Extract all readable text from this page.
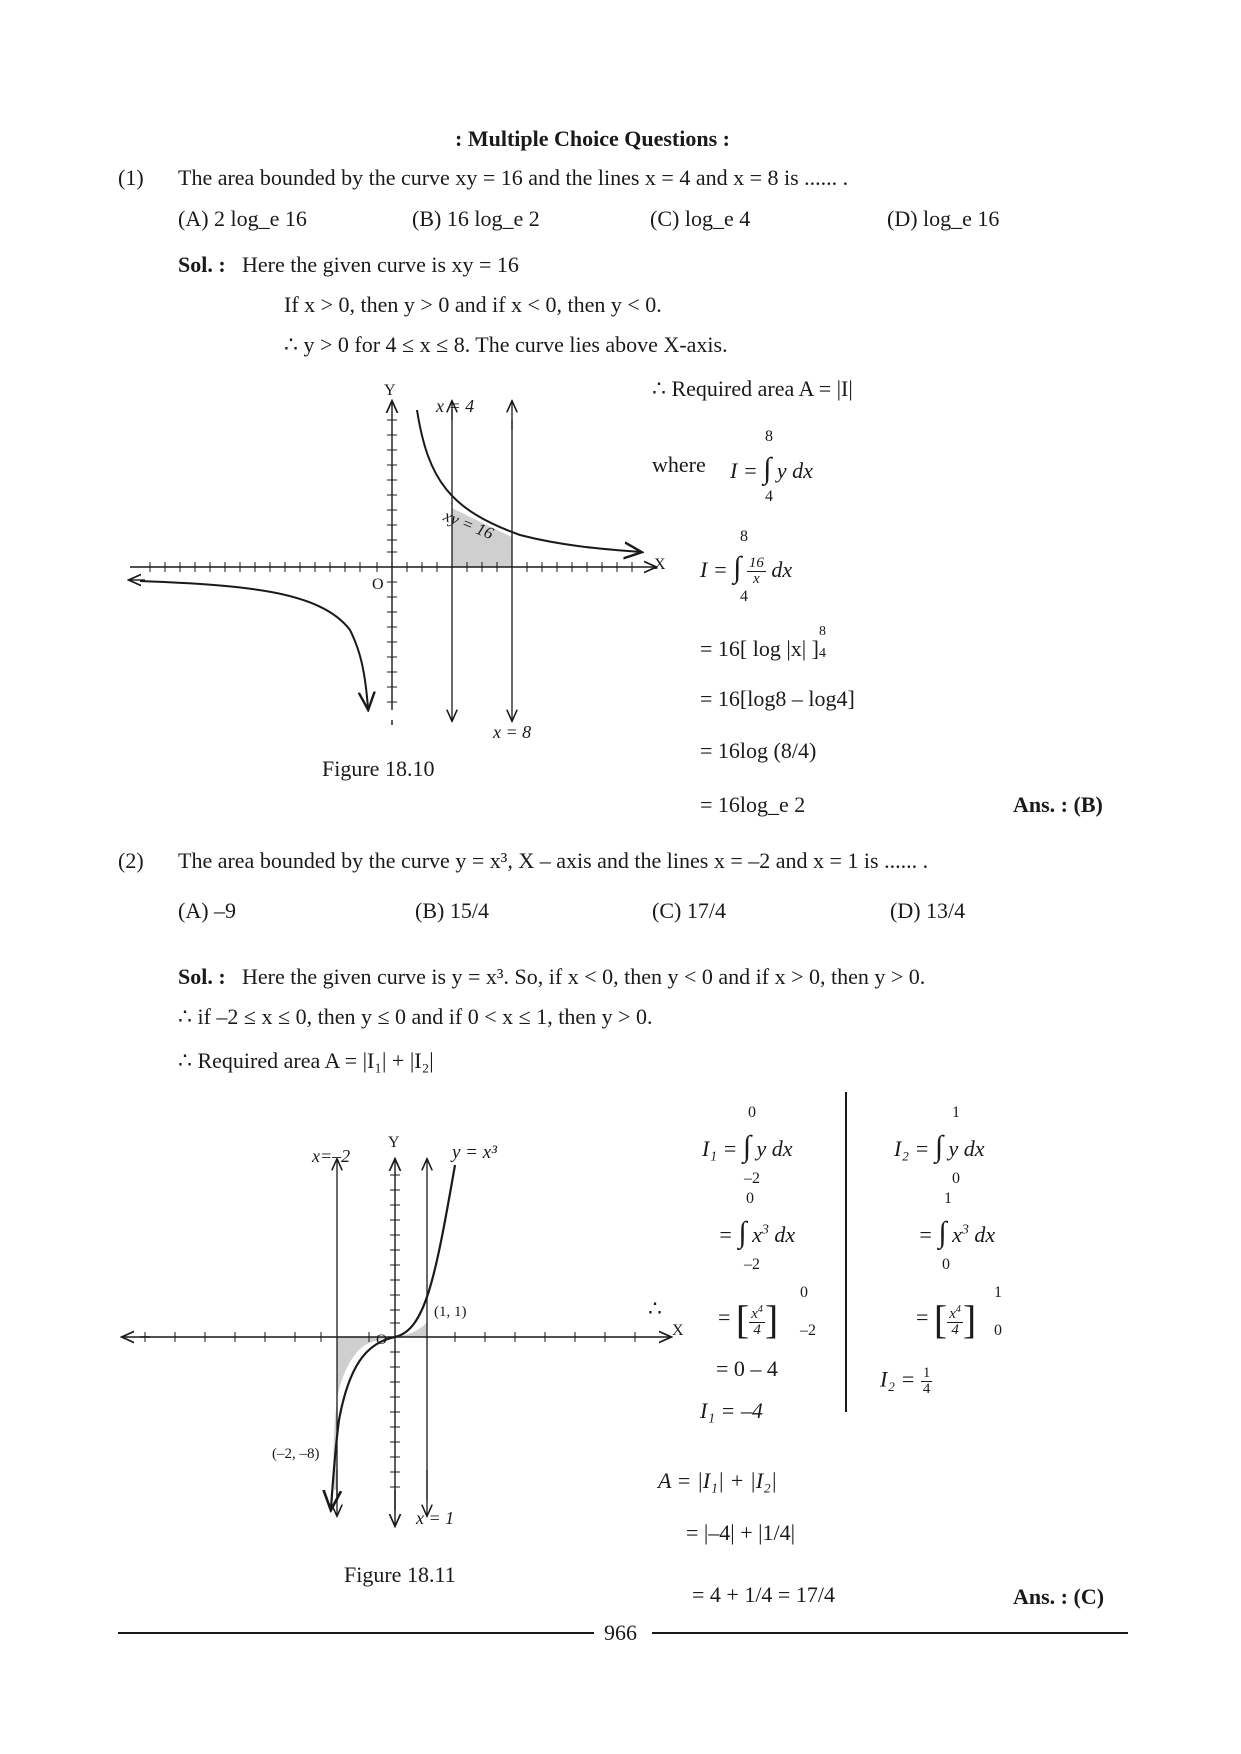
: Multiple Choice Questions :
(1) The area bounded by the curve xy = 16 and the lines x = 4 and x = 8 is ...... .
(A) 2 log_e 16	(B) 16 log_e 2	(C) log_e 4	(D) log_e 16
Sol. : Here the given curve is xy = 16
If x > 0, then y > 0 and if x < 0, then y < 0.
∴ y > 0 for 4 ≤ x ≤ 8. The curve lies above X-axis.
Y
x = 4
xy = 16
X
O
x = 8
Figure 18.10
∴ Required area A = |I|
where I = ∫ y dx
8
4
I = ∫ $\frac{16}{x}$ dx
8
4
= 16[ log |x| ]
8
4
= 16[log8 – log4]
= 16log (8/4)
= 16log_e 2	Ans. : (B)
(2) The area bounded by the curve y = x³, X – axis and the lines x = –2 and x = 1 is ...... .
(A) –9	(B) 15/4	(C) 17/4	(D) 13/4
Sol. : Here the given curve is y = x³. So, if x < 0, then y < 0 and if x > 0, then y > 0.
∴ if –2 ≤ x ≤ 0, then y ≤ 0 and if 0 < x ≤ 1, then y > 0.
∴ Required area A = |I₁| + |I₂|
x=–2
Y	y = x³
(1, 1)	∴
X
O
(–2, –8)
x = 1
Figure 18.11
0
I₁ = ∫ y dx
–2
0
= ∫ $x^3$ dx
–2
= [ $\frac{x^4}{4}$ ]
0
–2
= 0 – 4
I₁ = –4
1
I₂ = ∫ y dx
0
1
= ∫ $x^3$ dx
0
= [ $\frac{x^4}{4}$ ]
1
0
$I_2 = \frac{1}{4}$
A = |I₁| + |I₂|
= |–4| + |1/4|
= 4 + 1/4 = 17/4	Ans. : (C)
966
